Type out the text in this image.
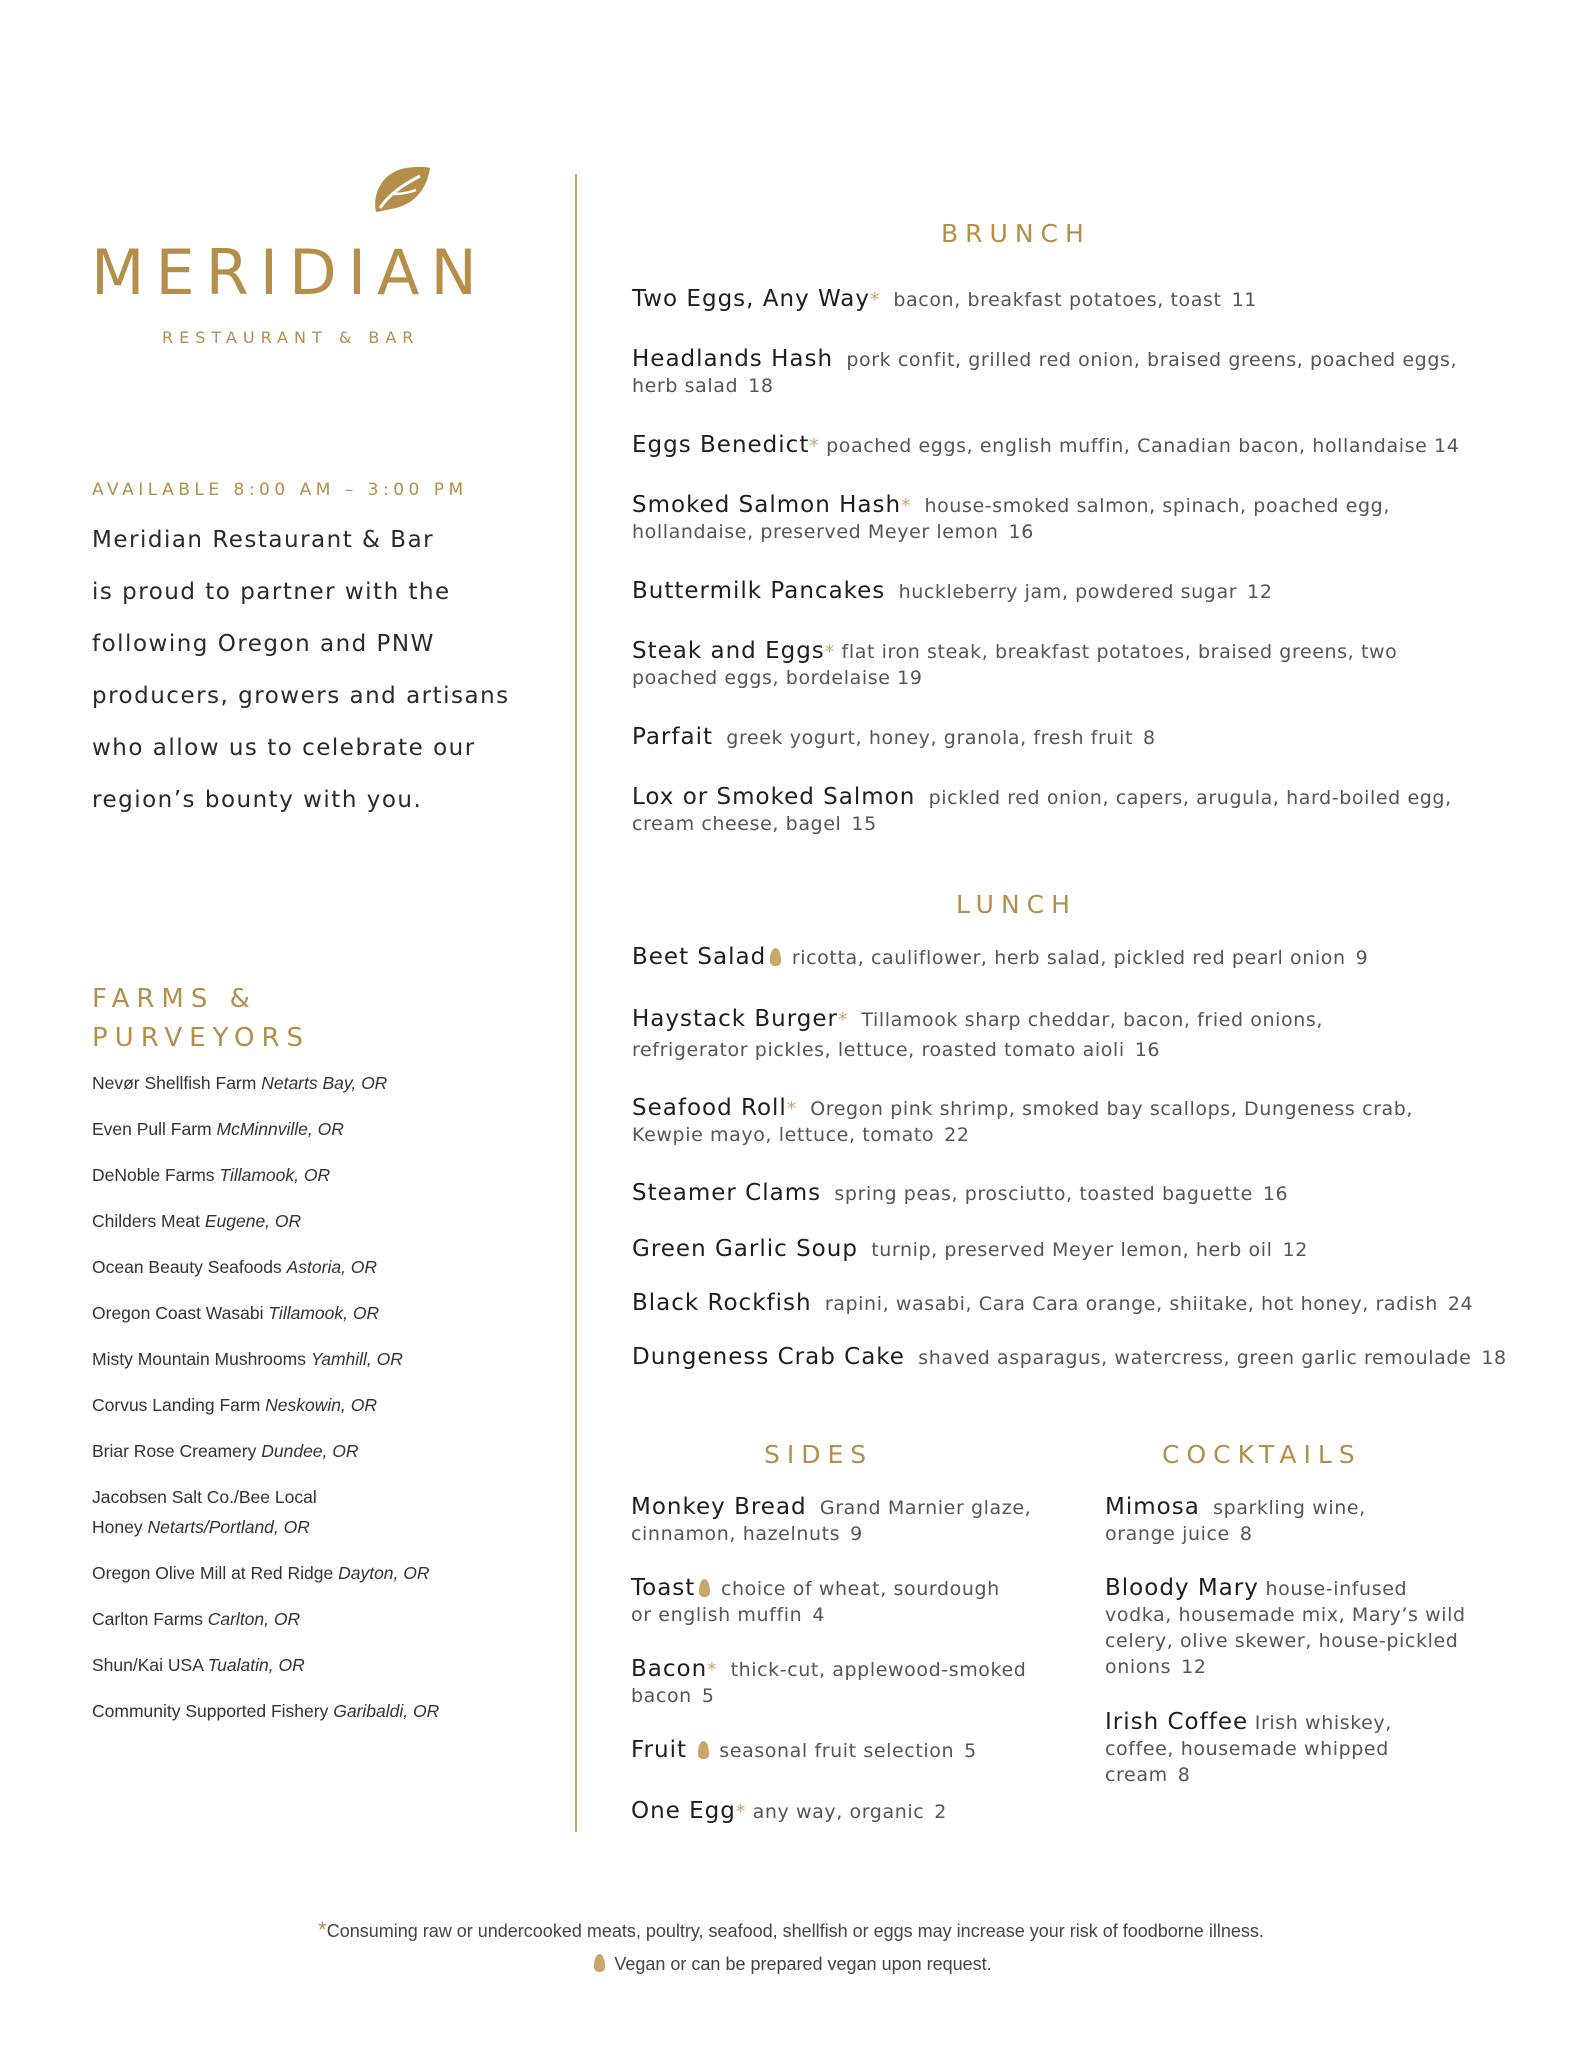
MERIDIAN
RESTAURANT & BAR
AVAILABLE 8:00 AM – 3:00 PM
Meridian Restaurant & Bar
is proud to partner with the
following Oregon and PNW
producers, growers and artisans
who allow us to celebrate our
region’s bounty with you.
FARMS &
PURVEYORS
Nevør Shellfish Farm Netarts Bay, OR
Even Pull Farm McMinnville, OR
DeNoble Farms Tillamook, OR
Childers Meat Eugene, OR
Ocean Beauty Seafoods Astoria, OR
Oregon Coast Wasabi Tillamook, OR
Misty Mountain Mushrooms Yamhill, OR
Corvus Landing Farm Neskowin, OR
Briar Rose Creamery Dundee, OR
Jacobsen Salt Co./Bee Local
Honey Netarts/Portland, OR
Oregon Olive Mill at Red Ridge Dayton, OR
Carlton Farms Carlton, OR
Shun/Kai USA Tualatin, OR
Community Supported Fishery Garibaldi, OR
BRUNCH
Two Eggs, Any Way* bacon, breakfast potatoes, toast 11
Headlands Hash pork confit, grilled red onion, braised greens, poached eggs,
herb salad 18
Eggs Benedict* poached eggs, english muffin, Canadian bacon, hollandaise 14
Smoked Salmon Hash* house-smoked salmon, spinach, poached egg,
hollandaise, preserved Meyer lemon 16
Buttermilk Pancakes huckleberry jam, powdered sugar 12
Steak and Eggs* flat iron steak, breakfast potatoes, braised greens, two
poached eggs, bordelaise 19
Parfait greek yogurt, honey, granola, fresh fruit 8
Lox or Smoked Salmon pickled red onion, capers, arugula, hard-boiled egg,
cream cheese, bagel 15
LUNCH
Beet Salad ricotta, cauliflower, herb salad, pickled red pearl onion 9
Haystack Burger* Tillamook sharp cheddar, bacon, fried onions,
refrigerator pickles, lettuce, roasted tomato aioli 16
Seafood Roll* Oregon pink shrimp, smoked bay scallops, Dungeness crab,
Kewpie mayo, lettuce, tomato 22
Steamer Clams spring peas, prosciutto, toasted baguette 16
Green Garlic Soup turnip, preserved Meyer lemon, herb oil 12
Black Rockfish rapini, wasabi, Cara Cara orange, shiitake, hot honey, radish 24
Dungeness Crab Cake shaved asparagus, watercress, green garlic remoulade 18
SIDES
Monkey Bread Grand Marnier glaze,
cinnamon, hazelnuts 9
Toast choice of wheat, sourdough
or english muffin 4
Bacon* thick-cut, applewood-smoked
bacon 5
Fruit seasonal fruit selection 5
One Egg* any way, organic 2
COCKTAILS
Mimosa sparkling wine,
orange juice 8
Bloody Mary house-infused
vodka, housemade mix, Mary’s wild
celery, olive skewer, house-pickled
onions 12
Irish Coffee Irish whiskey,
coffee, housemade whipped
cream 8
*Consuming raw or undercooked meats, poultry, seafood, shellfish or eggs may increase your risk of foodborne illness.
Vegan or can be prepared vegan upon request.
